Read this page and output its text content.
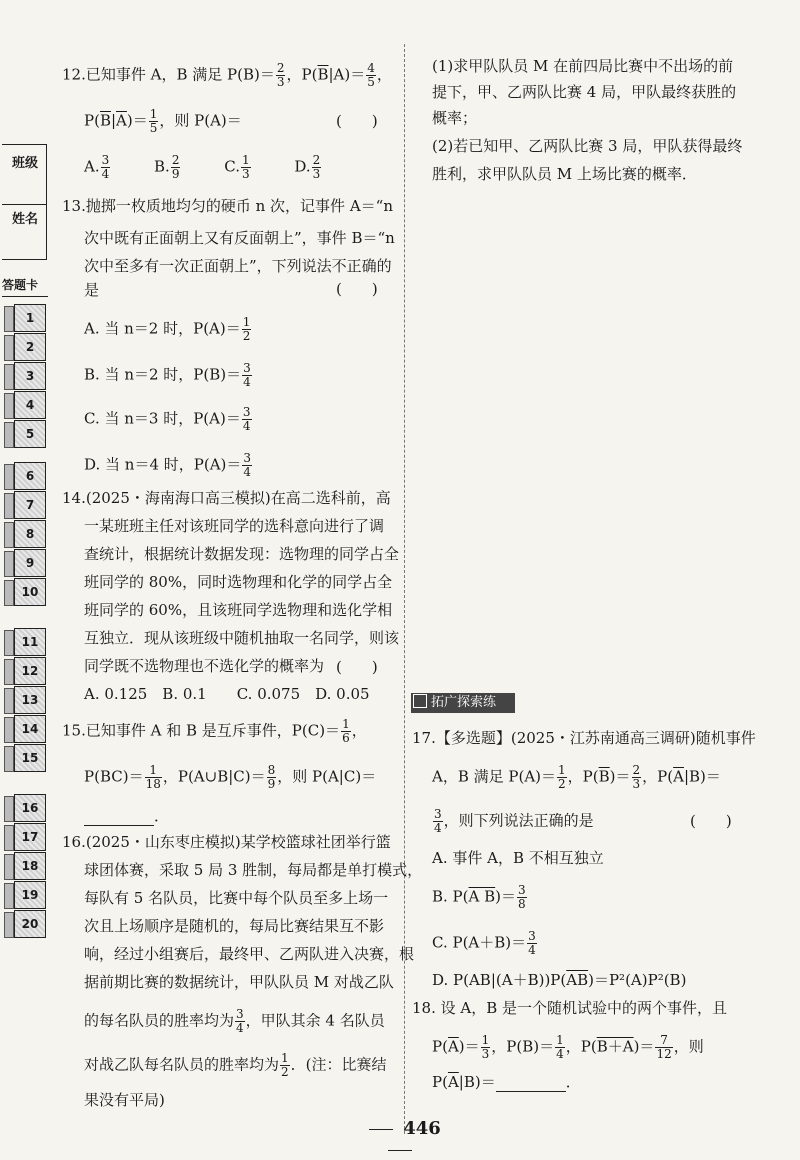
班级
姓名
答题卡
1
2
3
4
5
6
7
8
9
10
11
12
13
14
15
16
17
18
19
20
12.已知事件 A，B 满足 $P(B)= \frac{2}{3}$ ，$P(\overline{B}|A)= \frac{4}{5}$ ，
$P(\overline{B}|\overline{A})= \frac{1}{5}$ ，则 P(A)＝	(　　)
A. $\frac{3}{4}$	B. $\frac{2}{9}$	C. $\frac{1}{3}$	D. $\frac{2}{3}$
13.抛掷一枚质地均匀的硬币 n 次，记事件 A＝“n
次中既有正面朝上又有反面朝上”，事件 B＝“n
次中至多有一次正面朝上”，下列说法不正确的
是	(　　)
A. 当 n＝2 时，$P(A)= \frac{1}{2}$
B. 当 n＝2 时，$P(B)= \frac{3}{4}$
C. 当 n＝3 时，$P(A)= \frac{3}{4}$
D. 当 n＝4 时，$P(A)= \frac{3}{4}$
14.(2025・海南海口高三模拟)在高二选科前，高
一某班班主任对该班同学的选科意向进行了调
查统计，根据统计数据发现：选物理的同学占全
班同学的 80%，同时选物理和化学的同学占全
班同学的 60%，且该班同学选物理和选化学相
互独立．现从该班级中随机抽取一名同学，则该
同学既不选物理也不选化学的概率为 (　　)
A. 0.125　B. 0.1　　C. 0.075　D. 0.05
15.已知事件 A 和 B 是互斥事件，$P(C)= \frac{1}{6}$ ，
$P(BC)= \frac{1}{18}$ ，P(A∪B|C)＝ $\frac{8}{9}$ ，则 P(A|C)＝
．
16.(2025・山东枣庄模拟)某学校篮球社团举行篮
球团体赛，采取 5 局 3 胜制，每局都是单打模式，
每队有 5 名队员，比赛中每个队员至多上场一
次且上场顺序是随机的，每局比赛结果互不影
响，经过小组赛后，最终甲、乙两队进入决赛，根
据前期比赛的数据统计，甲队队员 M 对战乙队
的每名队员的胜率均为 $\frac{3}{4}$ ，甲队其余 4 名队员
对战乙队每名队员的胜率均为 $\frac{1}{2}$ ．(注：比赛结
果没有平局)
(1)求甲队队员 M 在前四局比赛中不出场的前
提下，甲、乙两队比赛 4 局，甲队最终获胜的
概率；
(2)若已知甲、乙两队比赛 3 局，甲队获得最终
胜利，求甲队队员 M 上场比赛的概率．
拓广探索练
17.【多选题】(2025・江苏南通高三调研)随机事件
A，B 满足 $P(A)= \frac{1}{2}$ ，$P(\overline{B})= \frac{2}{3}$ ，$P(\overline{A}|B)=$
$\frac{3}{4}$ ，则下列说法正确的是	(　　)
A. 事件 A，B 不相互独立
B. P(A $B)= \frac{3}{8}$
C. $P(A+B)= \frac{3}{4}$
D. $P(AB|(A+B))P(\overline{AB})=P^2(A)P^2(B)$
18. 设 A，B 是一个随机试验中的两个事件，且
$P(\overline{A})= \frac{1}{3}$ ，$P(B)= \frac{1}{4}$ ，$P(B+A)= \frac{7}{12}$ ，则
$P(\overline{A}|B)=$	．
446
